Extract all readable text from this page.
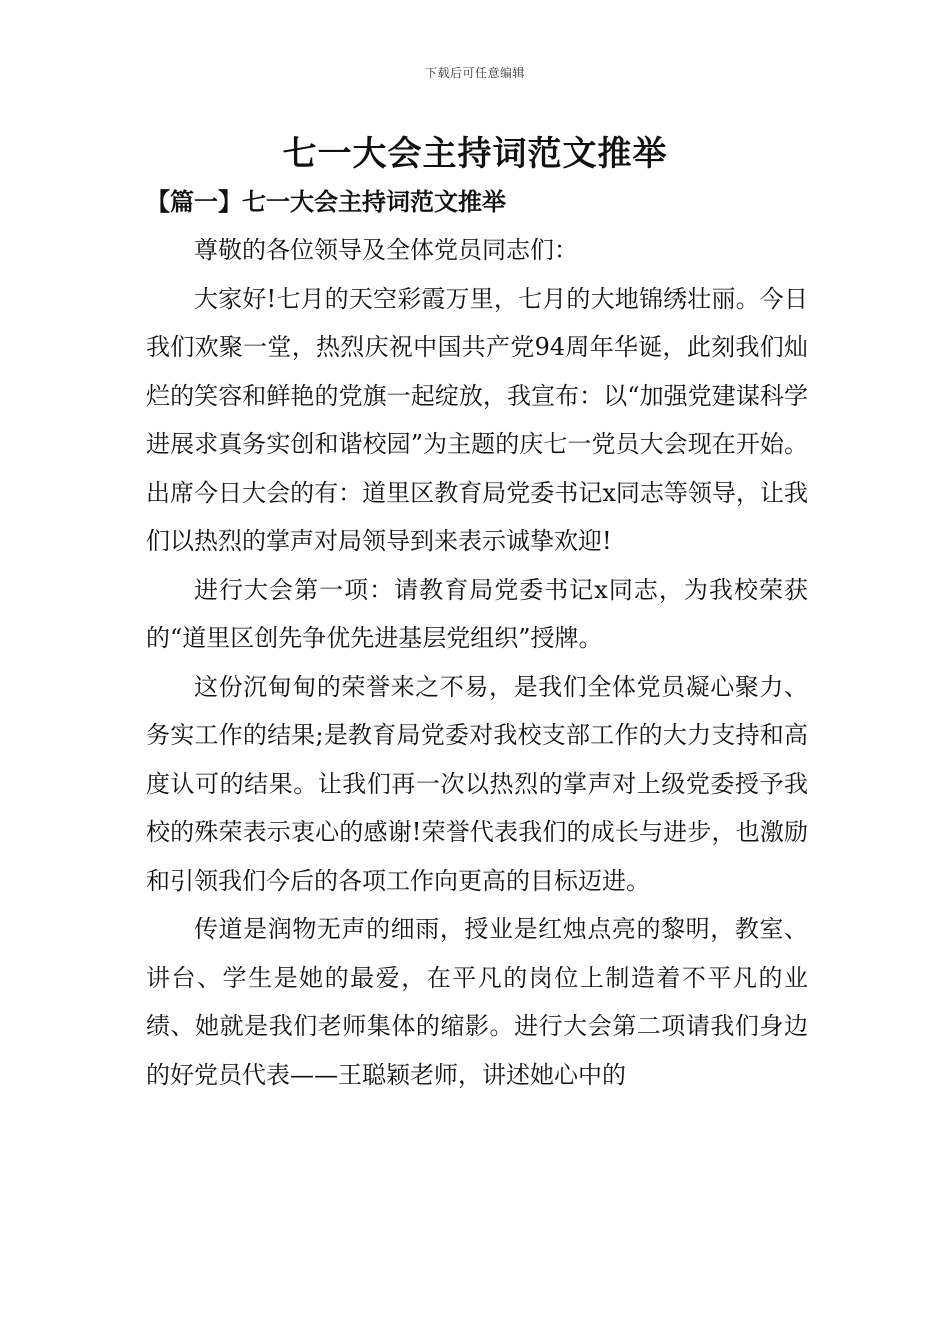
下载后可任意编辑
七一大会主持词范文推举
【篇一】七一大会主持词范文推举

尊敬的各位领导及全体党员同志们：

大家好!七月的天空彩霞万里，七月的大地锦绣壮丽。今日我们欢聚一堂，热烈庆祝中国共产党94周年华诞，此刻我们灿烂的笑容和鲜艳的党旗一起绽放，我宣布：以“加强党建谋科学进展求真务实创和谐校园”为主题的庆七一党员大会现在开始。出席今日大会的有：道里区教育局党委书记x同志等领导，让我们以热烈的掌声对局领导到来表示诚挚欢迎!

进行大会第一项：请教育局党委书记x同志，为我校荣获的“道里区创先争优先进基层党组织”授牌。

这份沉甸甸的荣誉来之不易，是我们全体党员凝心聚力、务实工作的结果;是教育局党委对我校支部工作的大力支持和高度认可的结果。让我们再一次以热烈的掌声对上级党委授予我校的殊荣表示衷心的感谢!荣誉代表我们的成长与进步，也激励和引领我们今后的各项工作向更高的目标迈进。

传道是润物无声的细雨，授业是红烛点亮的黎明，教室、讲台、学生是她的最爱，在平凡的岗位上制造着不平凡的业绩、她就是我们老师集体的缩影。进行大会第二项请我们身边的好党员代表——王聪颖老师，讲述她心中的
